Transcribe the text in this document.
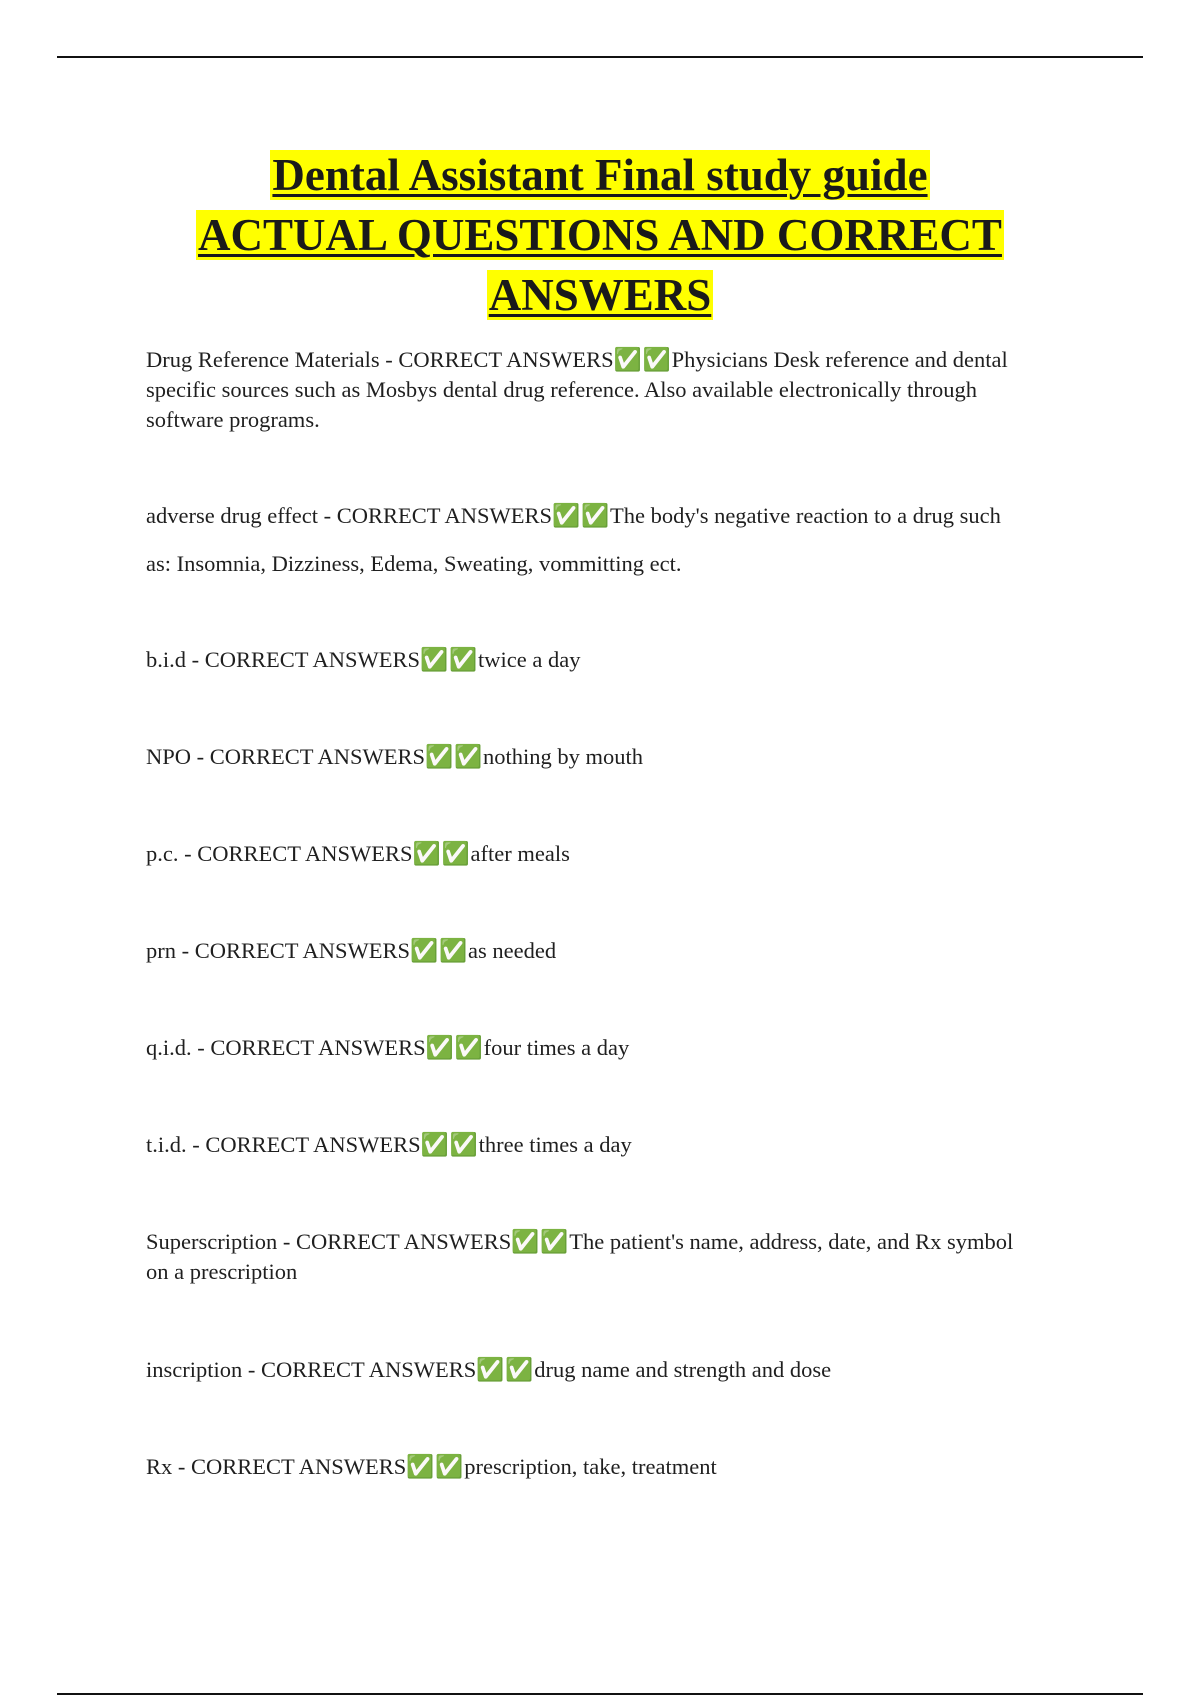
Dental Assistant Final study guide
ACTUAL QUESTIONS AND CORRECT
ANSWERS
Drug Reference Materials - CORRECT ANSWERS✅✅Physicians Desk reference and dental specific sources such as Mosbys dental drug reference. Also available electronically through software programs.
adverse drug effect - CORRECT ANSWERS✅✅The body's negative reaction to a drug such as: Insomnia, Dizziness, Edema, Sweating, vommitting ect.
b.i.d - CORRECT ANSWERS✅✅twice a day
NPO - CORRECT ANSWERS✅✅nothing by mouth
p.c. - CORRECT ANSWERS✅✅after meals
prn - CORRECT ANSWERS✅✅as needed
q.i.d. - CORRECT ANSWERS✅✅four times a day
t.i.d. - CORRECT ANSWERS✅✅three times a day
Superscription - CORRECT ANSWERS✅✅The patient's name, address, date, and Rx symbol on a prescription
inscription - CORRECT ANSWERS✅✅drug name and strength and dose
Rx - CORRECT ANSWERS✅✅prescription, take, treatment
